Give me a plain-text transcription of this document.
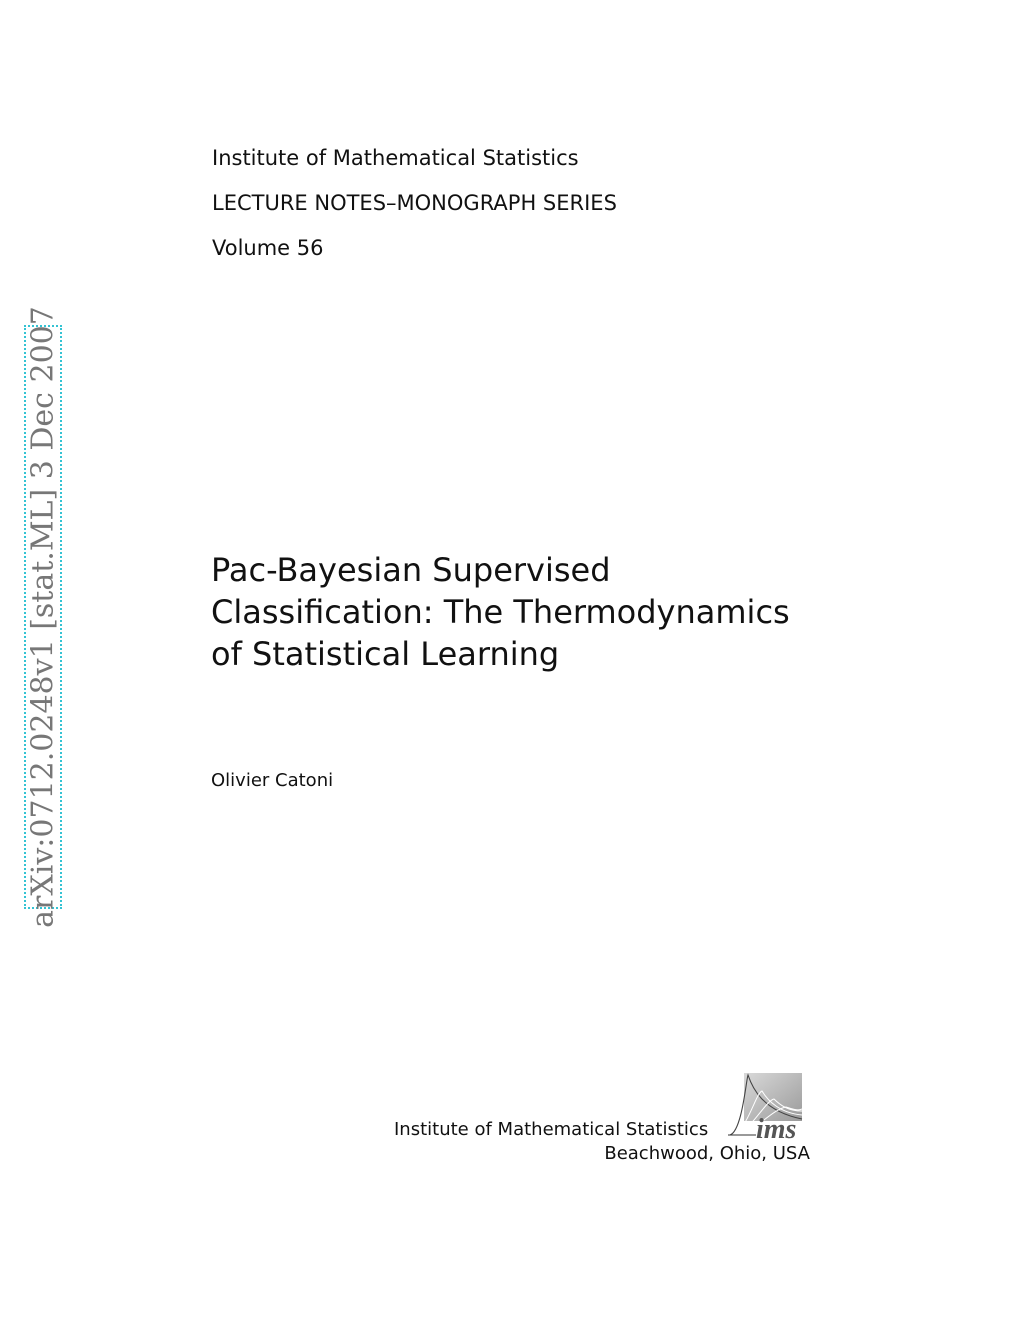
Institute of Mathematical Statistics
LECTURE NOTES–MONOGRAPH SERIES
Volume 56
arXiv:0712.0248v1 [stat.ML] 3 Dec 2007	Pac-Bayesian Supervised
Classification: The Thermodynamics
of Statistical Learning
Olivier Catoni
Institute of Mathematical Statistics
Beachwood, Ohio, USA
ims
